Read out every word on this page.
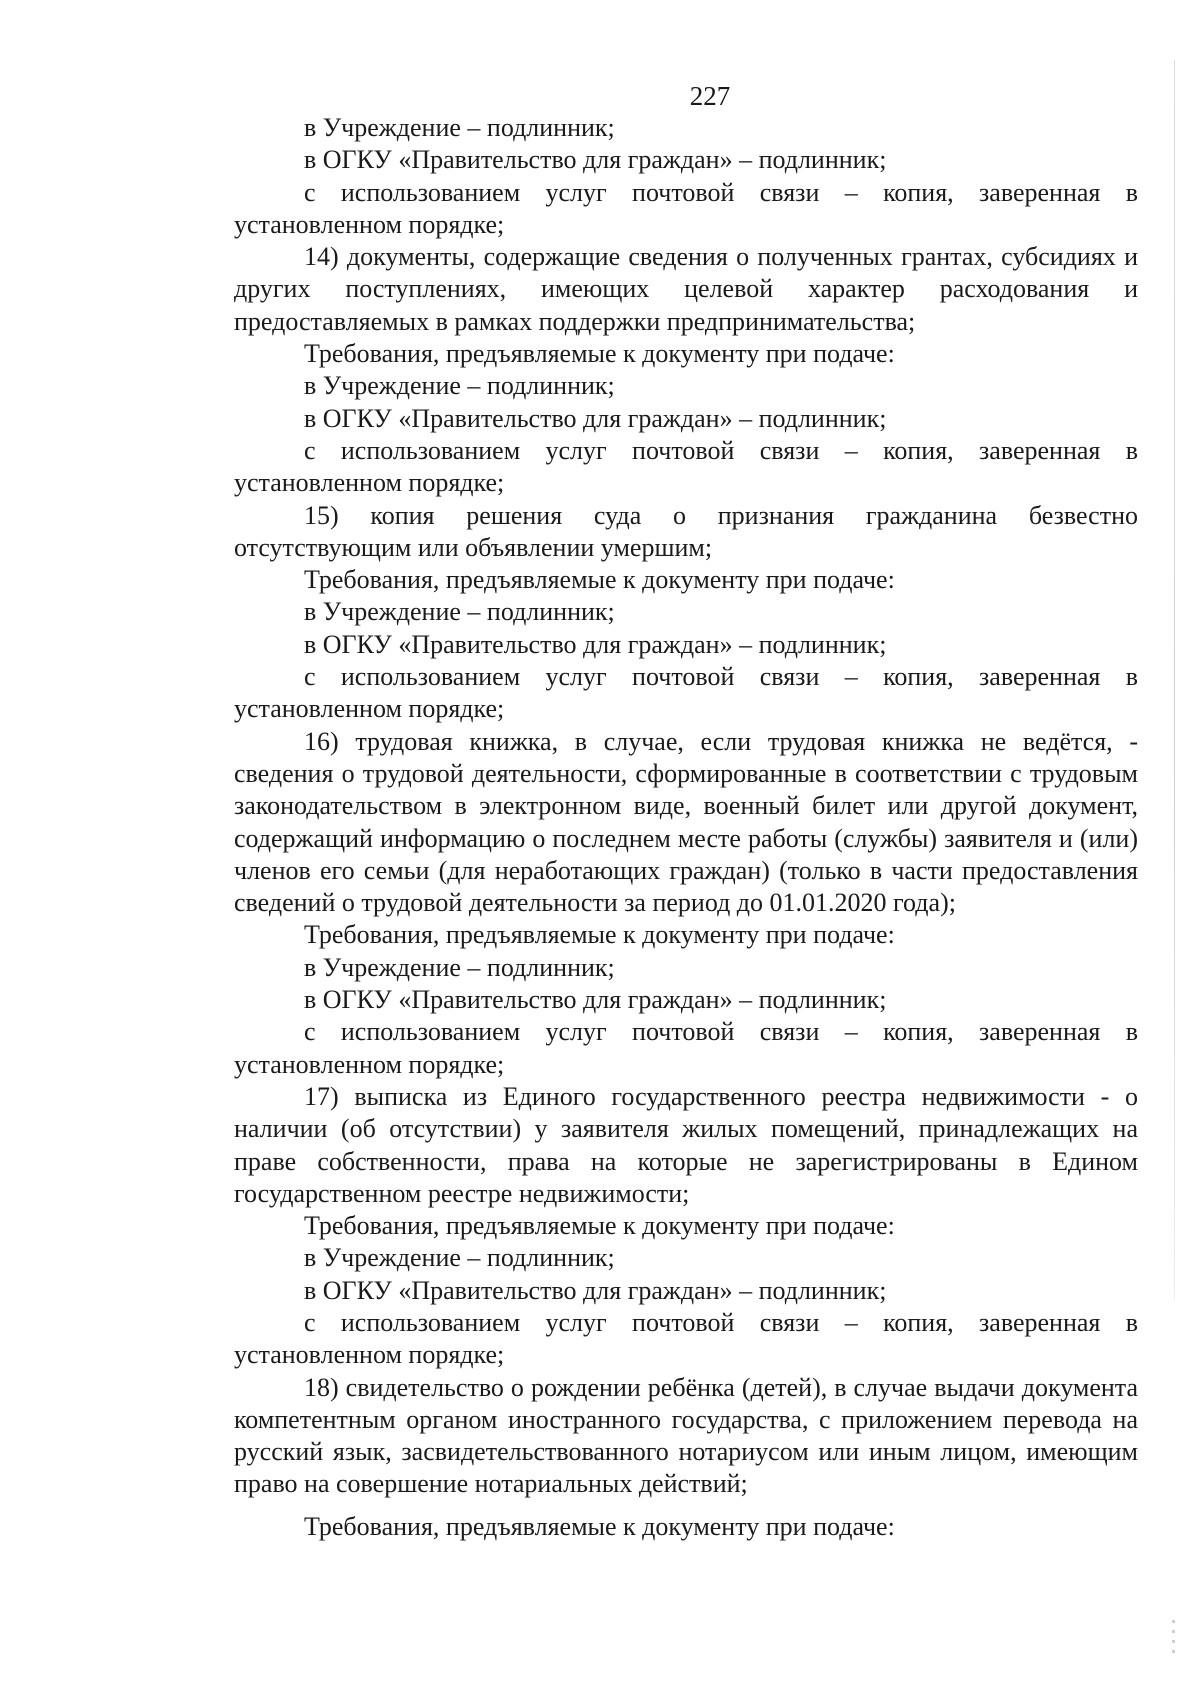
227

в Учреждение – подлинник;

в ОГКУ «Правительство для граждан» – подлинник;

с использованием услуг почтовой связи – копия, заверенная в установленном порядке;

14) документы, содержащие сведения о полученных грантах, субсидиях и других поступлениях, имеющих целевой характер расходования и предоставляемых в рамках поддержки предпринимательства;

Требования, предъявляемые к документу при подаче:

в Учреждение – подлинник;

в ОГКУ «Правительство для граждан» – подлинник;

с использованием услуг почтовой связи – копия, заверенная в установленном порядке;

15) копия решения суда о признания гражданина безвестно отсутствующим или объявлении умершим;

Требования, предъявляемые к документу при подаче:

в Учреждение – подлинник;

в ОГКУ «Правительство для граждан» – подлинник;

с использованием услуг почтовой связи – копия, заверенная в установленном порядке;

16) трудовая книжка, в случае, если трудовая книжка не ведётся, - сведения о трудовой деятельности, сформированные в соответствии с трудовым законодательством в электронном виде, военный билет или другой документ, содержащий информацию о последнем месте работы (службы) заявителя и (или) членов его семьи (для неработающих граждан) (только в части предоставления сведений о трудовой деятельности за период до 01.01.2020 года);

Требования, предъявляемые к документу при подаче:

в Учреждение – подлинник;

в ОГКУ «Правительство для граждан» – подлинник;

с использованием услуг почтовой связи – копия, заверенная в установленном порядке;

17) выписка из Единого государственного реестра недвижимости - о наличии (об отсутствии) у заявителя жилых помещений, принадлежащих на праве собственности, права на которые не зарегистрированы в Едином государственном реестре недвижимости;

Требования, предъявляемые к документу при подаче:

в Учреждение – подлинник;

в ОГКУ «Правительство для граждан» – подлинник;

с использованием услуг почтовой связи – копия, заверенная в установленном порядке;

18) свидетельство о рождении ребёнка (детей), в случае выдачи документа компетентным органом иностранного государства, с приложением перевода на русский язык, засвидетельствованного нотариусом или иным лицом, имеющим право на совершение нотариальных действий;

Требования, предъявляемые к документу при подаче:
